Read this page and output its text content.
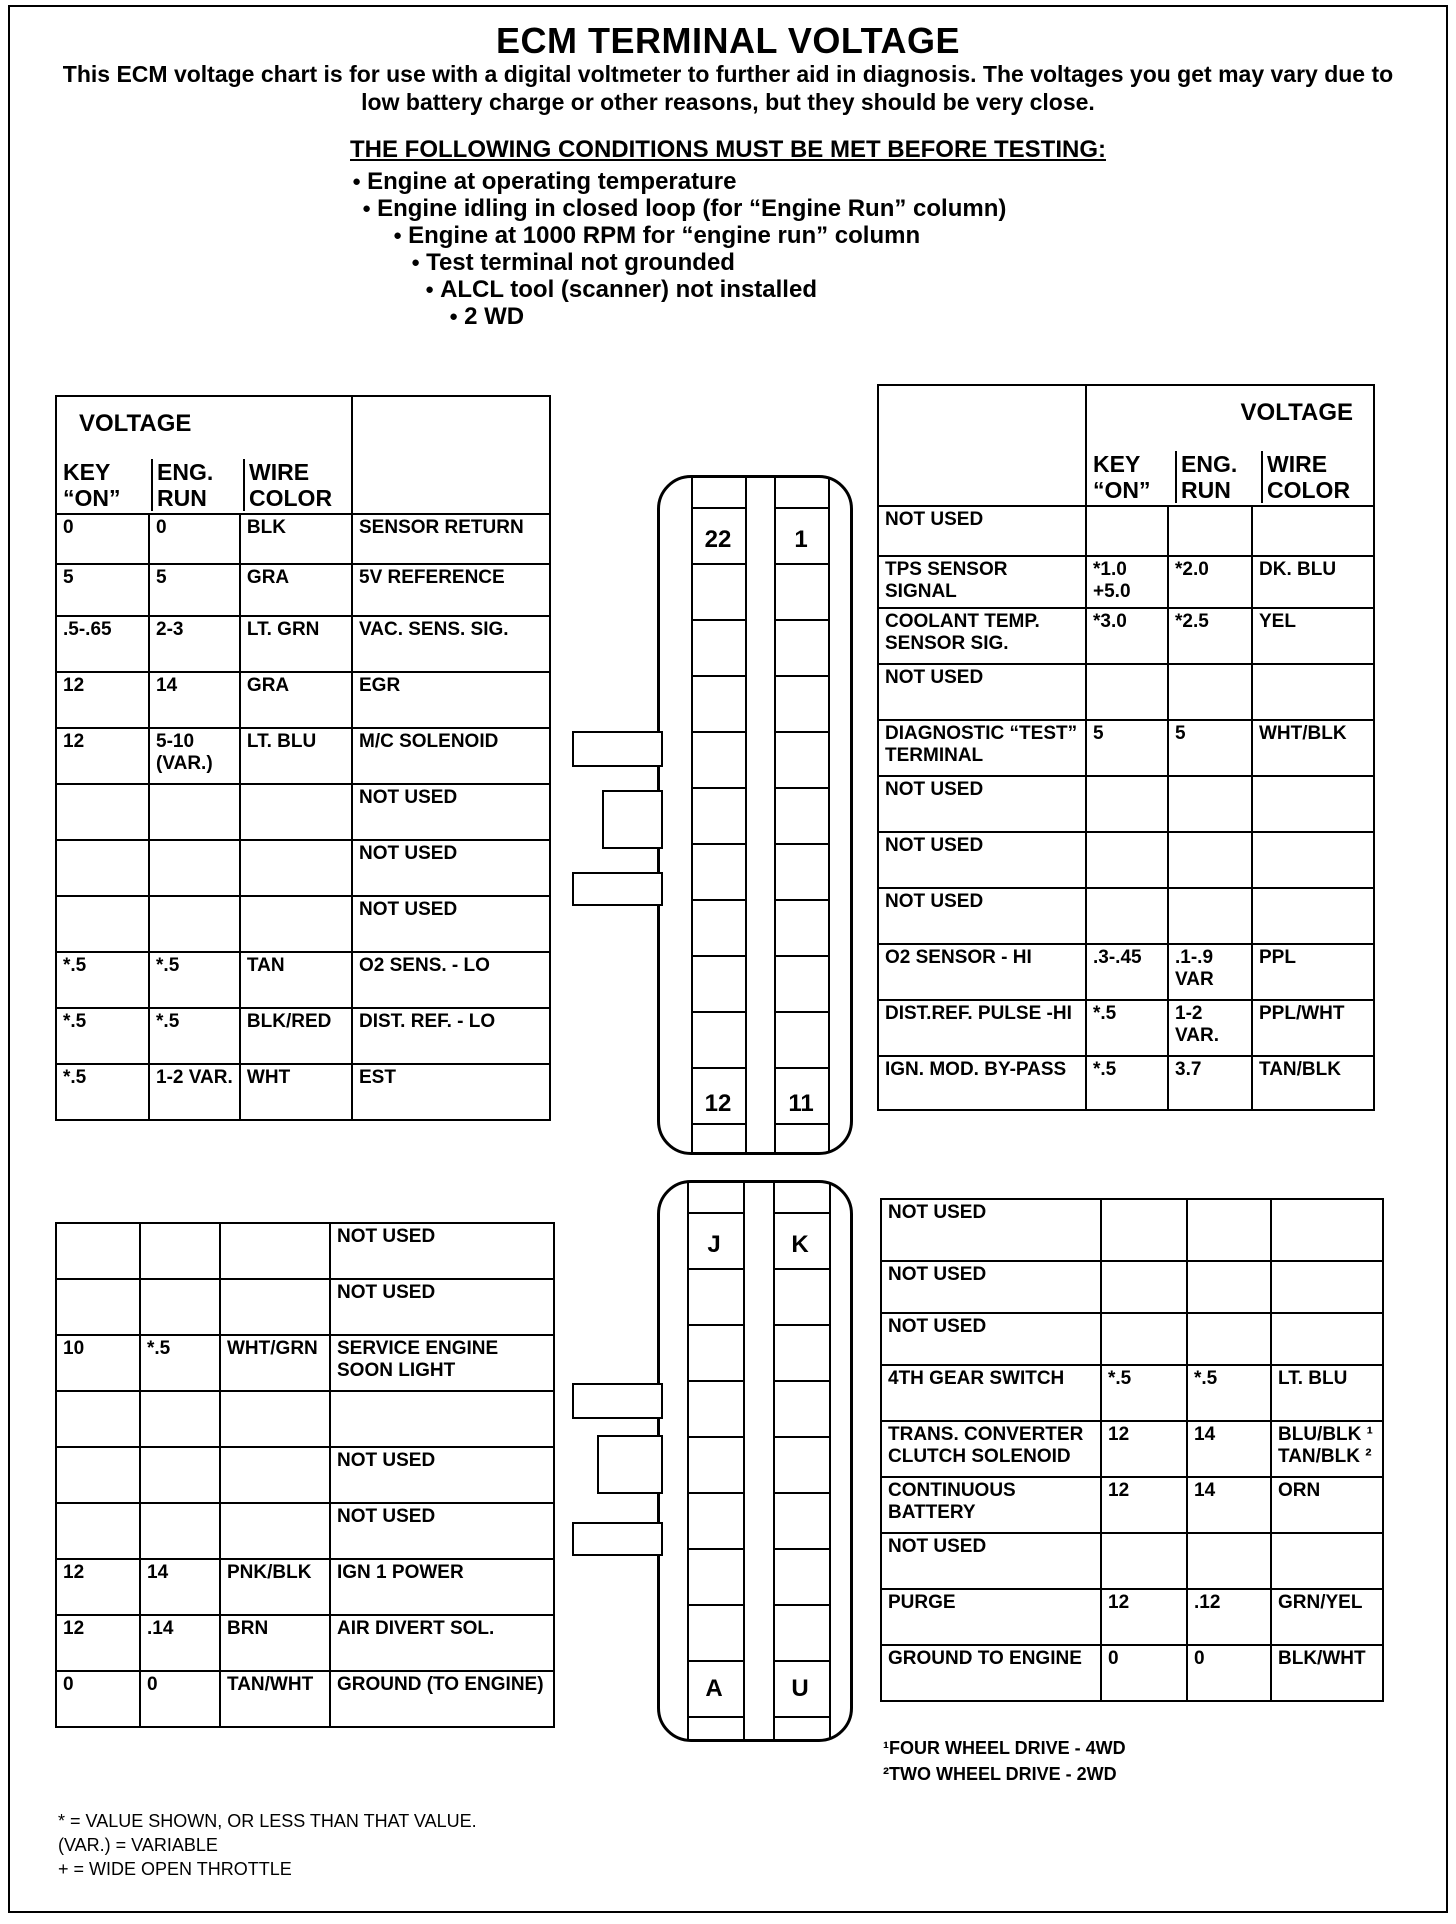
ECM TERMINAL VOLTAGE
This ECM voltage chart is for use with a digital voltmeter to further aid in diagnosis. The voltages you get may vary due to low battery charge or other reasons, but they should be very close.
THE FOLLOWING CONDITIONS MUST BE MET BEFORE TESTING:
● Engine at operating temperature
● Engine idling in closed loop (for “Engine Run” column)
● Engine at 1000 RPM for “engine run” column
● Test terminal not grounded
● ALCL tool (scanner) not installed
● 2 WD
VOLTAGE
KEY “ON”
ENG. RUN
WIRE COLOR			

0	0	BLK	SENSOR RETURN
5	5	GRA	5V REFERENCE
.5-.65	2-3	LT. GRN	VAC. SENS. SIG.
12	14	GRA	EGR
12	5-10 (VAR.)	LT. BLU	M/C SOLENOID
			NOT USED
			NOT USED
			NOT USED
*.5	*.5	TAN	O2 SENS. - LO
*.5	*.5	BLK/RED	DIST. REF. - LO
*.5	1-2 VAR.	WHT	EST

	VOLTAGE
KEY “ON”
ENG. RUN
WIRE COLOR		

NOT USED			
TPS SENSOR SIGNAL	*1.0 +5.0	*2.0	DK. BLU
COOLANT TEMP. SENSOR SIG.	*3.0	*2.5	YEL
NOT USED			
DIAGNOSTIC “TEST” TERMINAL	5	5	WHT/BLK
NOT USED			
NOT USED			
NOT USED			
O2 SENSOR - HI	.3-.45	.1-.9 VAR	PPL
DIST.REF. PULSE -HI	*.5	1-2 VAR.	PPL/WHT
IGN. MOD. BY-PASS	*.5	3.7	TAN/BLK
			NOT USED
			NOT USED
10	*.5	WHT/GRN	SERVICE ENGINE SOON LIGHT

			NOT USED
			NOT USED
12	14	PNK/BLK	IGN 1 POWER
12	.14	BRN	AIR DIVERT SOL.
0	0	TAN/WHT	GROUND (TO ENGINE)
NOT USED			
NOT USED			
NOT USED			
4TH GEAR SWITCH	*.5	*.5	LT. BLU
TRANS. CONVERTER CLUTCH SOLENOID	12	14	BLU/BLK ¹ TAN/BLK ²
CONTINUOUS BATTERY	12	14	ORN
NOT USED			
PURGE	12	.12	GRN/YEL
GROUND TO ENGINE	0	0	BLK/WHT
22	1
12	11
J	K
A	U
¹FOUR WHEEL DRIVE - 4WD
²TWO WHEEL DRIVE - 2WD
* = VALUE SHOWN, OR LESS THAN THAT VALUE.
(VAR.) = VARIABLE
+ = WIDE OPEN THROTTLE
